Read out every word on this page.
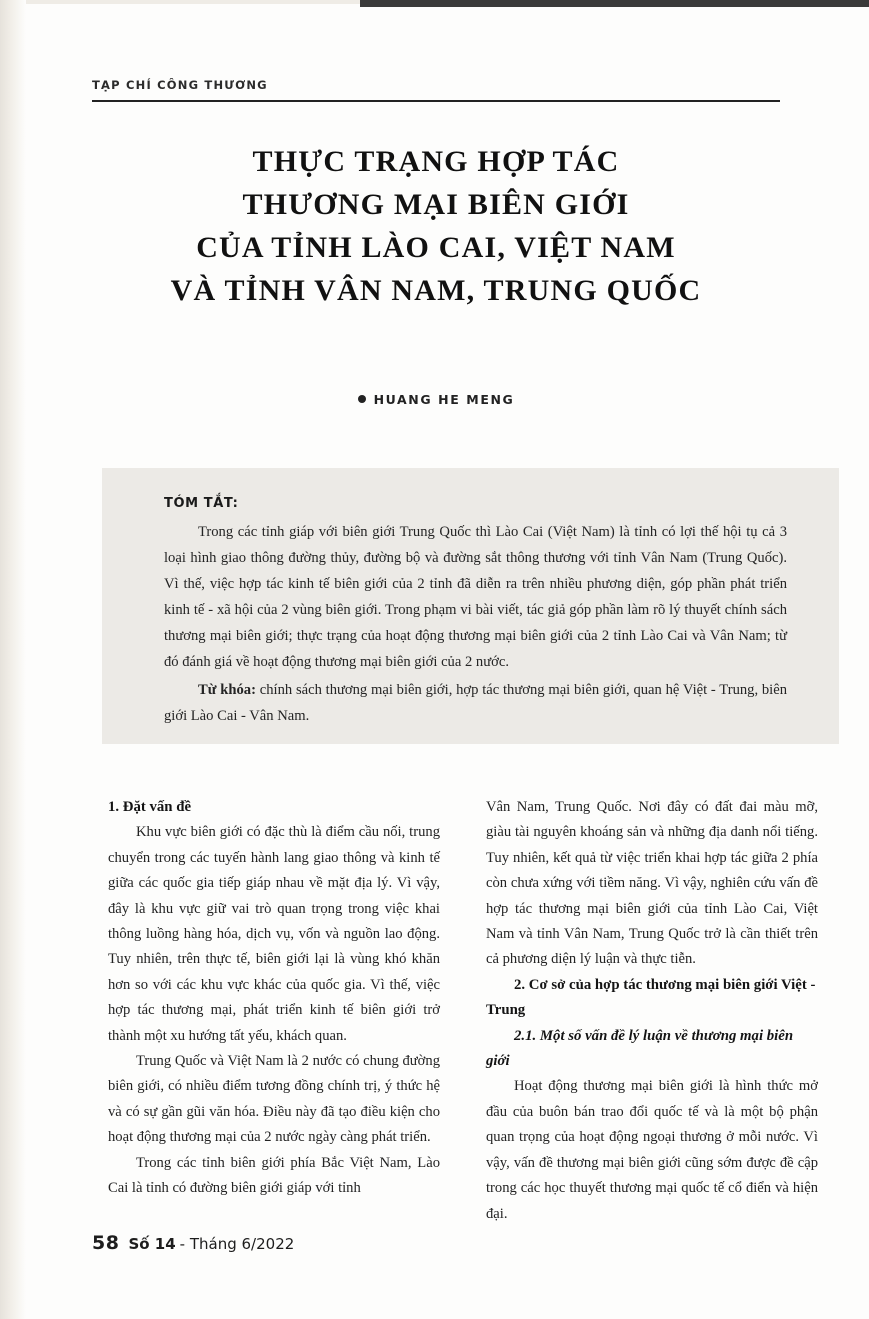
TẠP CHÍ CÔNG THƯƠNG
THỰC TRẠNG HỢP TÁC
THƯƠNG MẠI BIÊN GIỚI
CỦA TỈNH LÀO CAI, VIỆT NAM
VÀ TỈNH VÂN NAM, TRUNG QUỐC
HUANG HE MENG
TÓM TẮT:

Trong các tỉnh giáp với biên giới Trung Quốc thì Lào Cai (Việt Nam) là tỉnh có lợi thế hội tụ cả 3 loại hình giao thông đường thủy, đường bộ và đường sắt thông thương với tỉnh Vân Nam (Trung Quốc). Vì thế, việc hợp tác kinh tế biên giới của 2 tỉnh đã diễn ra trên nhiều phương diện, góp phần phát triển kinh tế - xã hội của 2 vùng biên giới. Trong phạm vi bài viết, tác giả góp phần làm rõ lý thuyết chính sách thương mại biên giới; thực trạng của hoạt động thương mại biên giới của 2 tỉnh Lào Cai và Vân Nam; từ đó đánh giá về hoạt động thương mại biên giới của 2 nước.

Từ khóa: chính sách thương mại biên giới, hợp tác thương mại biên giới, quan hệ Việt - Trung, biên giới Lào Cai - Vân Nam.

1. Đặt vấn đề

Khu vực biên giới có đặc thù là điểm cầu nối, trung chuyển trong các tuyến hành lang giao thông và kinh tế giữa các quốc gia tiếp giáp nhau về mặt địa lý. Vì vậy, đây là khu vực giữ vai trò quan trọng trong việc khai thông luồng hàng hóa, dịch vụ, vốn và nguồn lao động. Tuy nhiên, trên thực tế, biên giới lại là vùng khó khăn hơn so với các khu vực khác của quốc gia. Vì thế, việc hợp tác thương mại, phát triển kinh tế biên giới trở thành một xu hướng tất yếu, khách quan.

Trung Quốc và Việt Nam là 2 nước có chung đường biên giới, có nhiều điểm tương đồng chính trị, ý thức hệ và có sự gần gũi văn hóa. Điều này đã tạo điều kiện cho hoạt động thương mại của 2 nước ngày càng phát triển.

Trong các tỉnh biên giới phía Bắc Việt Nam, Lào Cai là tỉnh có đường biên giới giáp với tỉnh

Vân Nam, Trung Quốc. Nơi đây có đất đai màu mỡ, giàu tài nguyên khoáng sản và những địa danh nổi tiếng. Tuy nhiên, kết quả từ việc triển khai hợp tác giữa 2 phía còn chưa xứng với tiềm năng. Vì vậy, nghiên cứu vấn đề hợp tác thương mại biên giới của tỉnh Lào Cai, Việt Nam và tỉnh Vân Nam, Trung Quốc trở là cần thiết trên cả phương diện lý luận và thực tiễn.

2. Cơ sở của hợp tác thương mại biên giới Việt - Trung
2.1. Một số vấn đề lý luận về thương mại biên giới

Hoạt động thương mại biên giới là hình thức mở đầu của buôn bán trao đổi quốc tế và là một bộ phận quan trọng của hoạt động ngoại thương ở mỗi nước. Vì vậy, vấn đề thương mại biên giới cũng sớm được đề cập trong các học thuyết thương mại quốc tế cổ điển và hiện đại.

58 Số 14 - Tháng 6/2022
